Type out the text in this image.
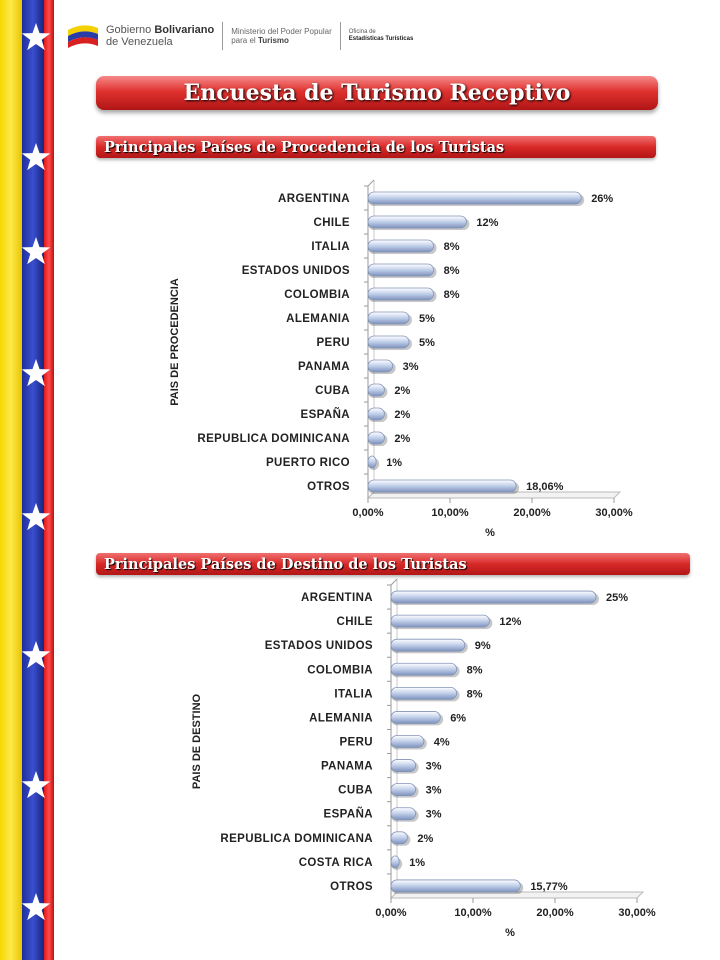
Gobierno Bolivariano
de Venezuela
Ministerio del Poder Popular
para el Turismo
Oficina de
Estadísticas Turísticas
Encuesta de Turismo Receptivo
Principales Países de Procedencia de los Turistas
Principales Países de Destino de los Turistas
0,00%	10,00%	20,00%	30,00%
%
PAIS DE PROCEDENCIA
ARGENTINA	26%
CHILE	12%
ITALIA	8%
ESTADOS UNIDOS	8%
COLOMBIA	8%
ALEMANIA	5%
PERU	5%
PANAMA	3%
CUBA	2%
ESPAÑA	2%
REPUBLICA DOMINICANA	2%
PUERTO RICO	1%
OTROS	18,06%
0,00%	10,00%	20,00%	30,00%
%
PAIS DE DESTINO
ARGENTINA	25%
CHILE	12%
ESTADOS UNIDOS	9%
COLOMBIA	8%
ITALIA	8%
ALEMANIA	6%
PERU	4%
PANAMA	3%
CUBA	3%
ESPAÑA	3%
REPUBLICA DOMINICANA	2%
COSTA RICA	1%
OTROS	15,77%
